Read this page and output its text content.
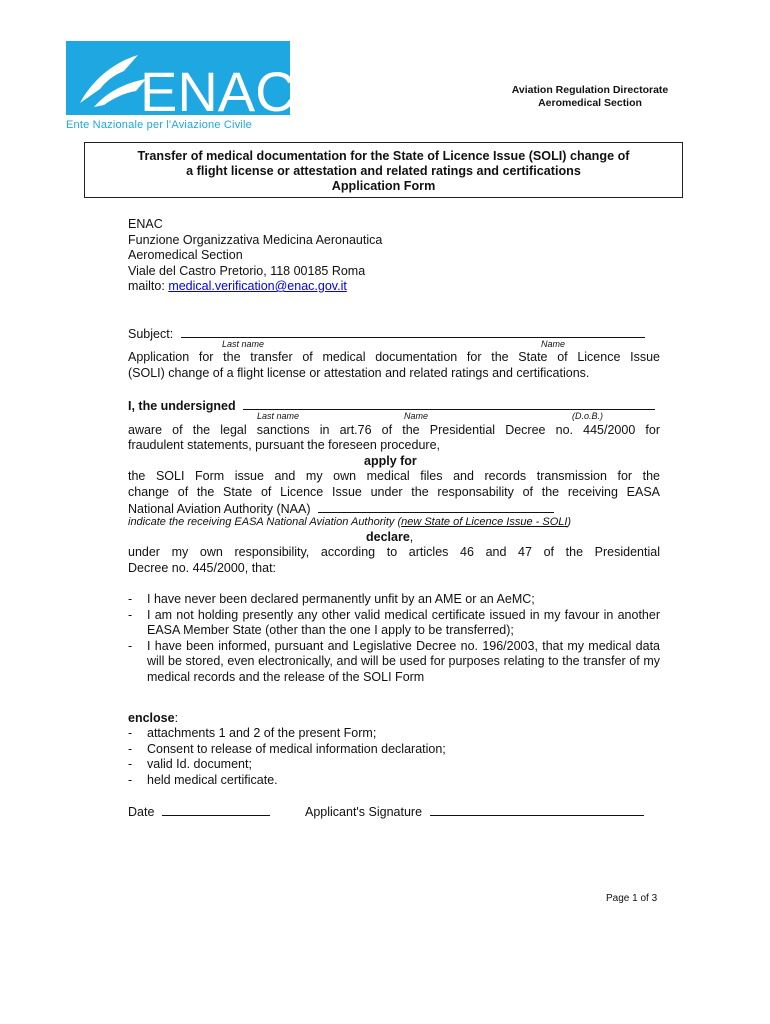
ENAC
Ente Nazionale per l'Aviazione Civile
Aviation Regulation Directorate
Aeromedical Section
Transfer of medical documentation for the State of Licence Issue (SOLI) change of
a flight license or attestation and related ratings and certifications
Application Form
ENAC
Funzione Organizzativa Medicina Aeronautica
Aeromedical Section
Viale del Castro Pretorio, 118 00185 Roma
mailto: medical.verification@enac.gov.it
Subject:
Last name	Name
Application for the transfer of medical documentation for the State of Licence Issue
(SOLI) change of a flight license or attestation and related ratings and certifications.
I, the undersigned
Last name	Name	(D.o.B.)
aware of the legal sanctions in art.76 of the Presidential Decree no. 445/2000 for
fraudulent statements, pursuant the foreseen procedure,
apply for
the SOLI Form issue and my own medical files and records transmission for the
change of the State of Licence Issue under the responsability of the receiving EASA
National Aviation Authority (NAA)
indicate the receiving EASA National Aviation Authority (new State of Licence Issue - SOLI)
declare,
under my own responsibility, according to articles 46 and 47 of the Presidential
Decree no. 445/2000, that:
-	I have never been declared permanently unfit by an AME or an AeMC;
-	I am not holding presently any other valid medical certificate issued in my favour in another EASA Member State (other than the one I apply to be transferred);
-	I have been informed, pursuant and Legislative Decree no. 196/2003, that my medical data will be stored, even electronically, and will be used for purposes relating to the transfer of my medical records and the release of the SOLI Form
enclose:
-	attachments 1 and 2 of the present Form;
-	Consent to release of medical information declaration;
-	valid Id. document;
-	held medical certificate.
Date	Applicant's Signature
Page 1 of 3
